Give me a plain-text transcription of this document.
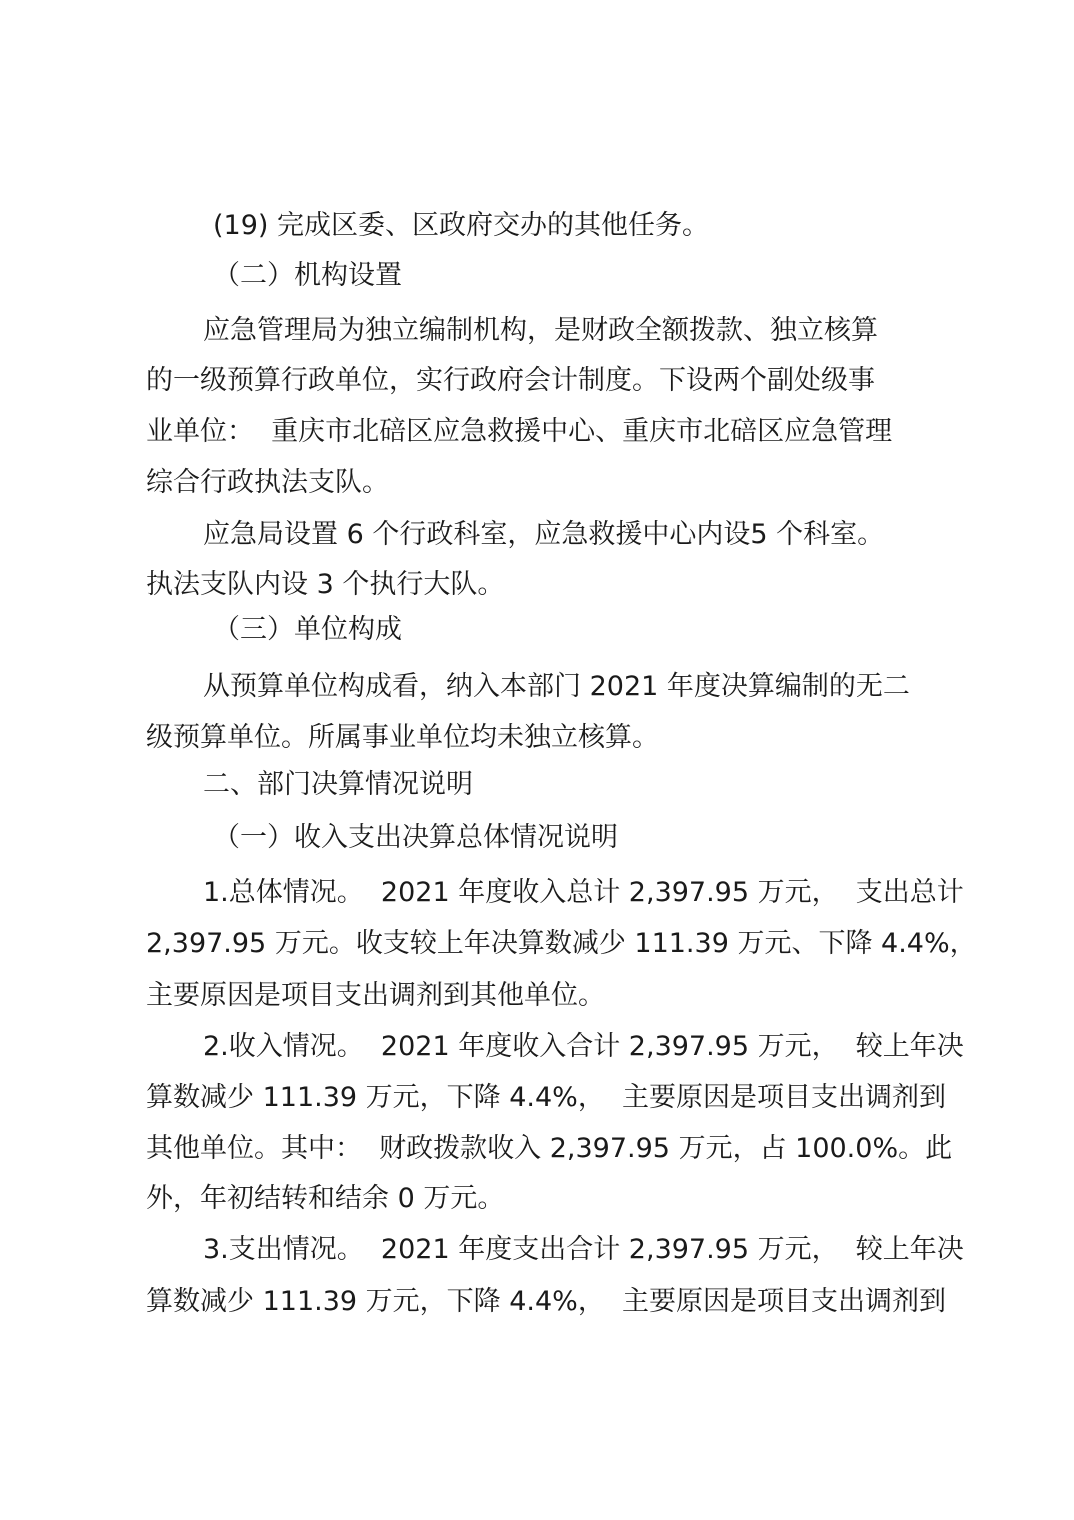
(19) 完成区委、区政府交办的其他任务。
（二）机构设置
应急管理局为独立编制机构，是财政全额拨款、独立核算
的一级预算行政单位，实行政府会计制度。下设两个副处级事
业单位：  重庆市北碚区应急救援中心、重庆市北碚区应急管理
综合行政执法支队。
应急局设置 6 个行政科室，应急救援中心内设5 个科室。
执法支队内设 3 个执行大队。
（三）单位构成
从预算单位构成看，纳入本部门 2021 年度决算编制的无二
级预算单位。所属事业单位均未独立核算。
二、部门决算情况说明
（一）收入支出决算总体情况说明
1.总体情况。  2021 年度收入总计 2,397.95 万元，  支出总计
2,397.95 万元。收支较上年决算数减少 111.39 万元、下降 4.4%，
主要原因是项目支出调剂到其他单位。
2.收入情况。  2021 年度收入合计 2,397.95 万元，  较上年决
算数减少 111.39 万元，下降 4.4%，  主要原因是项目支出调剂到
其他单位。其中：  财政拨款收入 2,397.95 万元，占 100.0%。此
外，年初结转和结余 0 万元。
3.支出情况。  2021 年度支出合计 2,397.95 万元，  较上年决
算数减少 111.39 万元，下降 4.4%，  主要原因是项目支出调剂到
